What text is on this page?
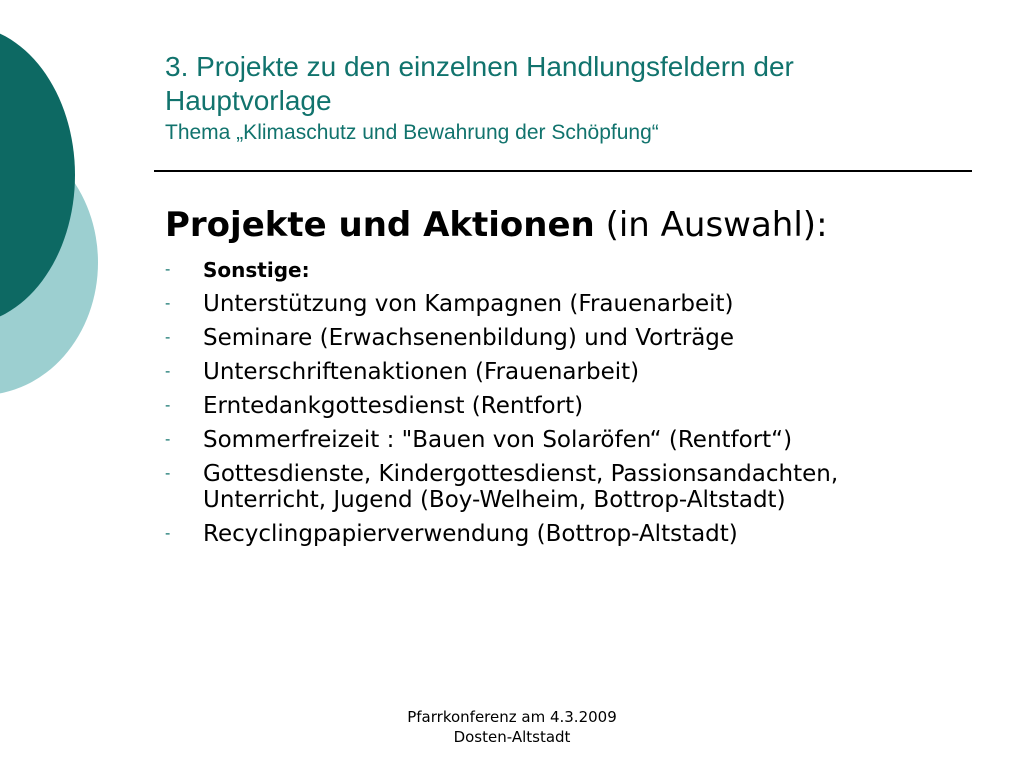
3. Projekte zu den einzelnen Handlungsfeldern der Hauptvorlage
Thema „Klimaschutz und Bewahrung der Schöpfung“
Projekte und Aktionen (in Auswahl):
-	Sonstige:
-	Unterstützung von Kampagnen (Frauenarbeit)
-	Seminare (Erwachsenenbildung) und Vorträge
-	Unterschriftenaktionen (Frauenarbeit)
-	Erntedankgottesdienst (Rentfort)
-	Sommerfreizeit : "Bauen von Solaröfen“ (Rentfort“)
-	Gottesdienste, Kindergottesdienst, Passionsandachten, Unterricht, Jugend (Boy-Welheim, Bottrop-Altstadt)
-	Recyclingpapierverwendung (Bottrop-Altstadt)
Pfarrkonferenz am 4.3.2009
Dosten-Altstadt
